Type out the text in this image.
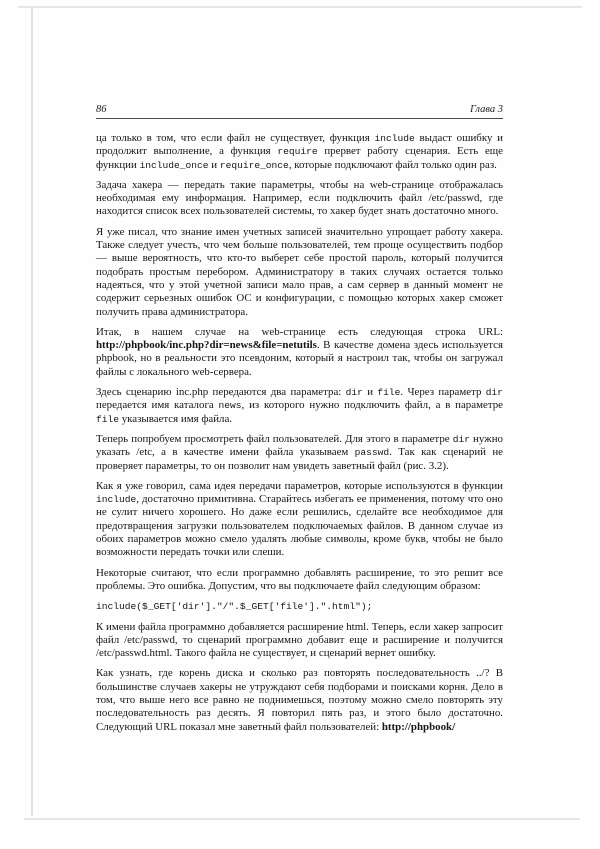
86	Глава 3

ца только в том, что если файл не существует, функция include выдаст ошибку и продолжит выполнение, а функция require прервет работу сценария. Есть еще функции include_once и require_once, которые подключают файл только один раз.

Задача хакера — передать такие параметры, чтобы на web-странице отображалась необходимая ему информация. Например, если подключить файл /etc/passwd, где находится список всех пользователей системы, то хакер будет знать достаточно много.

Я уже писал, что знание имен учетных записей значительно упрощает работу хакера. Также следует учесть, что чем больше пользователей, тем проще осуществить подбор — выше вероятность, что кто-то выберет себе простой пароль, который получится подобрать простым перебором. Администратору в таких случаях остается только надеяться, что у этой учетной записи мало прав, а сам сервер в данный момент не содержит серьезных ошибок ОС и конфигурации, с помощью которых хакер сможет получить права администратора.

Итак, в нашем случае на web-странице есть следующая строка URL: http://phpbook/inc.php?dir=news&file=netutils. В качестве домена здесь используется phpbook, но в реальности это псевдоним, который я настроил так, чтобы он загружал файлы с локального web-сервера.

Здесь сценарию inc.php передаются два параметра: dir и file. Через параметр dir передается имя каталога news, из которого нужно подключить файл, а в параметре file указывается имя файла.

Теперь попробуем просмотреть файл пользователей. Для этого в параметре dir нужно указать /etc, а в качестве имени файла указываем passwd. Так как сценарий не проверяет параметры, то он позволит нам увидеть заветный файл (рис. 3.2).

Как я уже говорил, сама идея передачи параметров, которые используются в функции include, достаточно примитивна. Старайтесь избегать ее применения, потому что оно не сулит ничего хорошего. Но даже если решились, сделайте все необходимое для предотвращения загрузки пользователем подключаемых файлов. В данном случае из обоих параметров можно смело удалять любые символы, кроме букв, чтобы не было возможности передать точки или слеши.

Некоторые считают, что если программно добавлять расширение, то это решит все проблемы. Это ошибка. Допустим, что вы подключаете файл следующим образом:

include($_GET['dir']."/".$_GET['file'].".html");

К имени файла программно добавляется расширение html. Теперь, если хакер запросит файл /etc/passwd, то сценарий программно добавит еще и расширение и получится /etc/passwd.html. Такого файла не существует, и сценарий вернет ошибку.

Как узнать, где корень диска и сколько раз повторять последовательность ../? В большинстве случаев хакеры не утруждают себя подборами и поисками корня. Дело в том, что выше него все равно не поднимешься, поэтому можно смело повторять эту последовательность раз десять. Я повторил пять раз, и этого было достаточно. Следующий URL показал мне заветный файл пользователей: http://phpbook/
